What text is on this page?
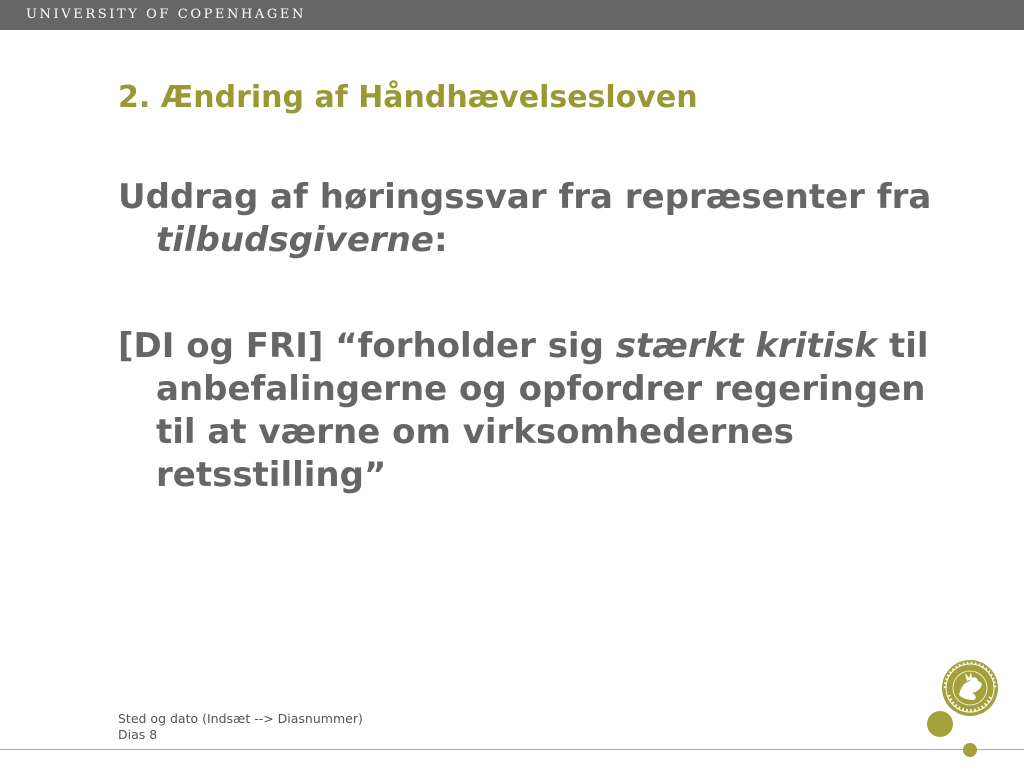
UNIVERSITY OF COPENHAGEN
2. Ændring af Håndhævelsesloven

Uddrag af høringssvar fra repræsenter fra tilbudsgiverne:

[DI og FRI] “forholder sig stærkt kritisk til anbefalingerne og opfordrer regeringen til at værne om virksomhedernes retsstilling”

Sted og dato (Indsæt --> Diasnummer)
Dias 8
